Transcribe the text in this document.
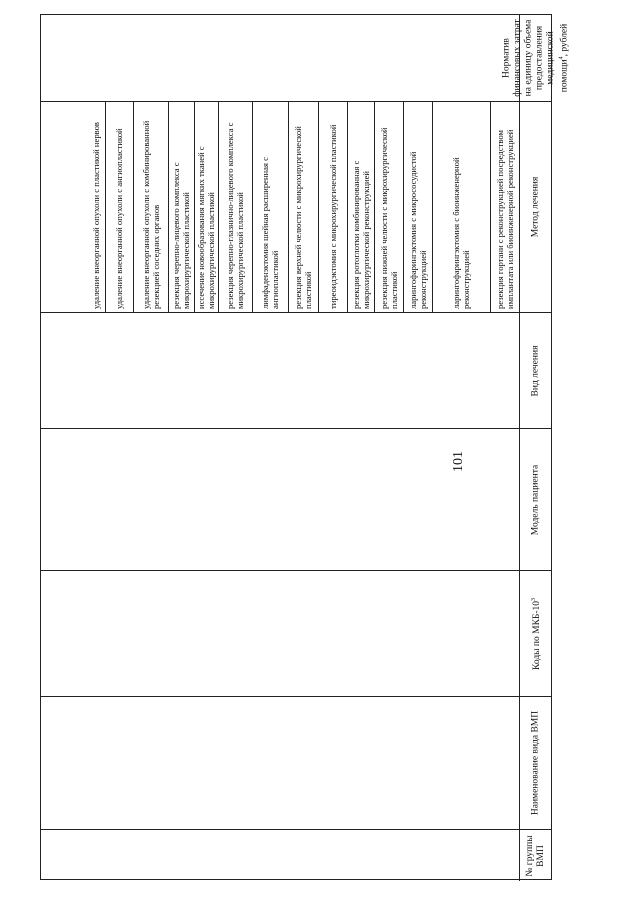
101
Норматив финансовых затрат на единицу объема предоставления медицинской помощи$^4$, рублей
Метод лечения
Вид лечения
Модель пациента
Коды по МКБ-$10^3$
Наименование вида ВМП
№ группы ВМП
резекция гортани с реконструкцией посредством имплантата или биоинженерной реконструкцией
ларингофарингэктомия с биоинженерной реконструкцией
ларингофарингэктомия с микрососудистой реконструкцией
резекция нижней челюсти с микрохирургической пластикой
резекция ротоглотки комбинированная с микрохирургической реконструкцией
тиреоидэктомия с микрохирургической пластикой
резекция верхней челюсти с микрохирургической пластикой
лимфаденэктомия шейная расширенная с ангиопластикой
резекция черепно-глазнично-лицевого комплекса с микрохирургической пластикой
иссечение новообразования мягких тканей с микрохирургической пластикой
резекция черепно-лицевого комплекса с микрохирургической пластикой
удаление внеорганной опухоли с комбинированной резекцией соседних органов
удаление внеорганной опухоли с ангиопластикой
удаление внеорганной опухоли с пластикой нервов
